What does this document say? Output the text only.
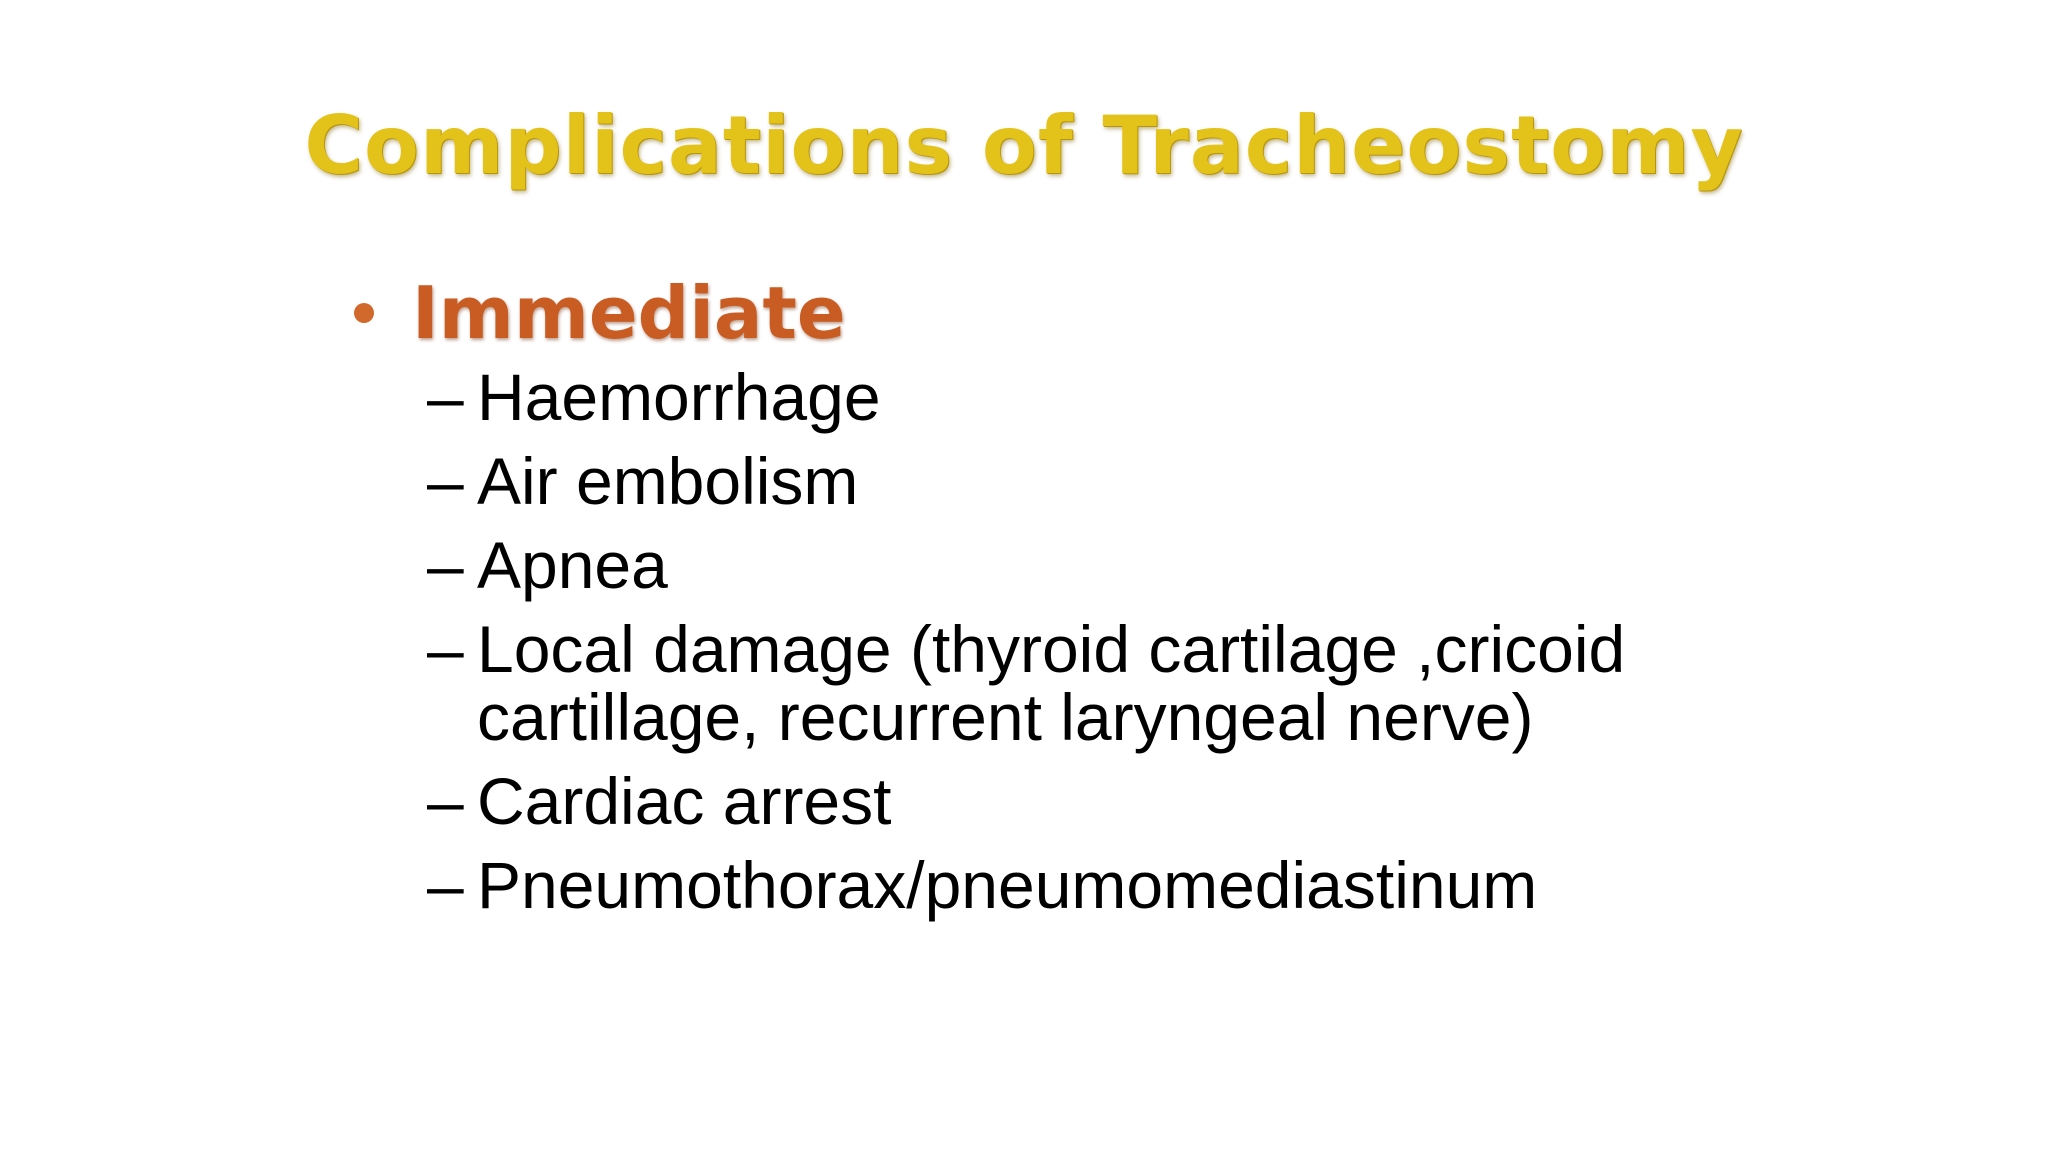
Complications of Tracheostomy
Immediate
– Haemorrhage
– Air embolism
– Apnea
– Local damage (thyroid cartilage ,cricoid cartillage, recurrent laryngeal nerve)
– Cardiac arrest
– Pneumothorax/pneumomediastinum
